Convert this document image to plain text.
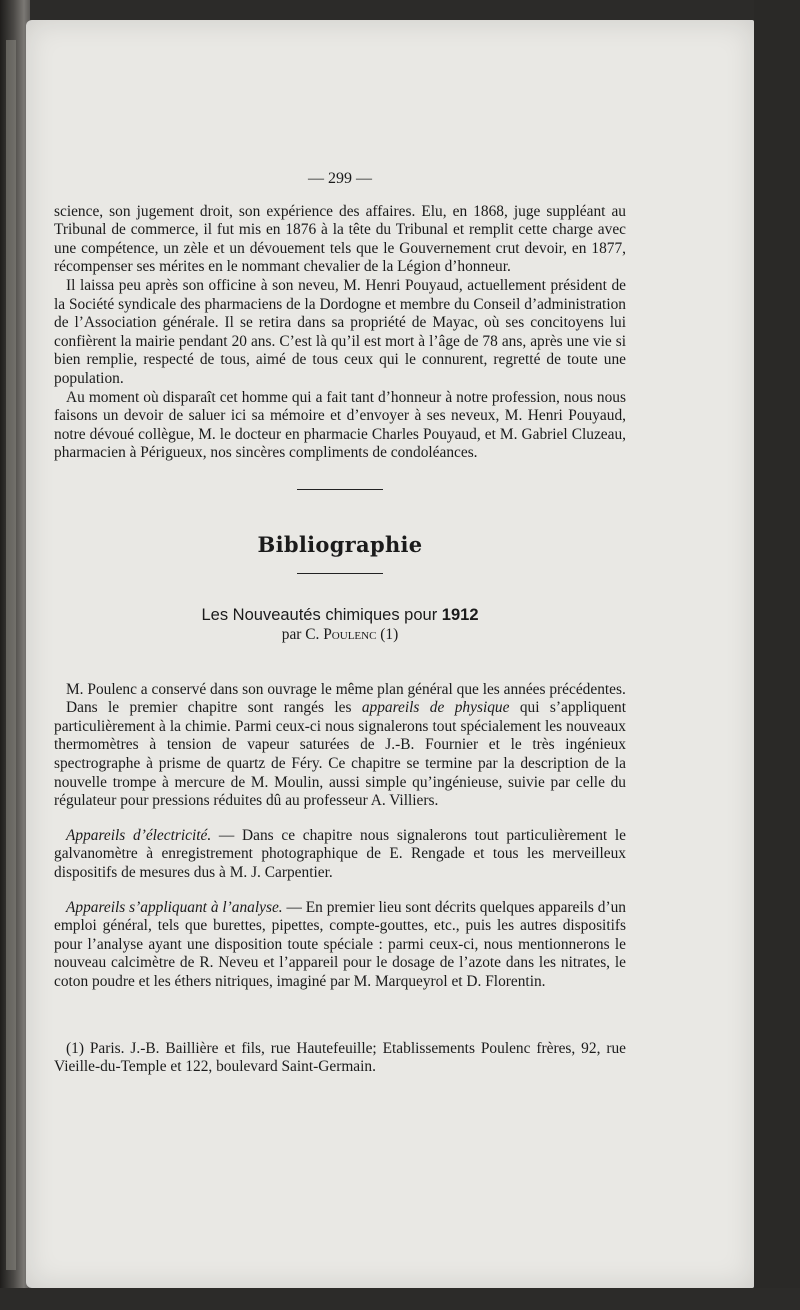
— 299 —

science, son jugement droit, son expérience des affaires. Elu, en 1868, juge suppléant au Tribunal de commerce, il fut mis en 1876 à la tête du Tribunal et remplit cette charge avec une compétence, un zèle et un dévouement tels que le Gouvernement crut devoir, en 1877, récompenser ses mérites en le nommant chevalier de la Légion d’honneur.

Il laissa peu après son officine à son neveu, M. Henri Pouyaud, actuellement président de la Société syndicale des pharmaciens de la Dordogne et membre du Conseil d’administration de l’Association générale. Il se retira dans sa propriété de Mayac, où ses concitoyens lui confièrent la mairie pendant 20 ans. C’est là qu’il est mort à l’âge de 78 ans, après une vie si bien remplie, respecté de tous, aimé de tous ceux qui le connurent, regretté de toute une population.

Au moment où disparaît cet homme qui a fait tant d’honneur à notre profession, nous nous faisons un devoir de saluer ici sa mémoire et d’envoyer à ses neveux, M. Henri Pouyaud, notre dévoué collègue, M. le docteur en pharmacie Charles Pouyaud, et M. Gabriel Cluzeau, pharmacien à Périgueux, nos sincères compliments de condoléances.

Bibliographie
Les Nouveautés chimiques pour 1912
par C. Poulenc (1)

M. Poulenc a conservé dans son ouvrage le même plan général que les années précédentes.

Dans le premier chapitre sont rangés les appareils de physique qui s’appliquent particulièrement à la chimie. Parmi ceux-ci nous signalerons tout spécialement les nouveaux thermomètres à tension de vapeur saturées de J.-B. Fournier et le très ingénieux spectrographe à prisme de quartz de Féry. Ce chapitre se termine par la description de la nouvelle trompe à mercure de M. Moulin, aussi simple qu’ingénieuse, suivie par celle du régulateur pour pressions réduites dû au professeur A. Villiers.

Appareils d’électricité. — Dans ce chapitre nous signalerons tout particulièrement le galvanomètre à enregistrement photographique de E. Rengade et tous les merveilleux dispositifs de mesures dus à M. J. Carpentier.

Appareils s’appliquant à l’analyse. — En premier lieu sont décrits quelques appareils d’un emploi général, tels que burettes, pipettes, compte-gouttes, etc., puis les autres dispositifs pour l’analyse ayant une disposition toute spéciale : parmi ceux-ci, nous mentionnerons le nouveau calcimètre de R. Neveu et l’appareil pour le dosage de l’azote dans les nitrates, le coton poudre et les éthers nitriques, imaginé par M. Marqueyrol et D. Florentin.

(1) Paris. J.-B. Baillière et fils, rue Hautefeuille; Etablissements Poulenc frères, 92, rue Vieille-du-Temple et 122, boulevard Saint-Germain.
